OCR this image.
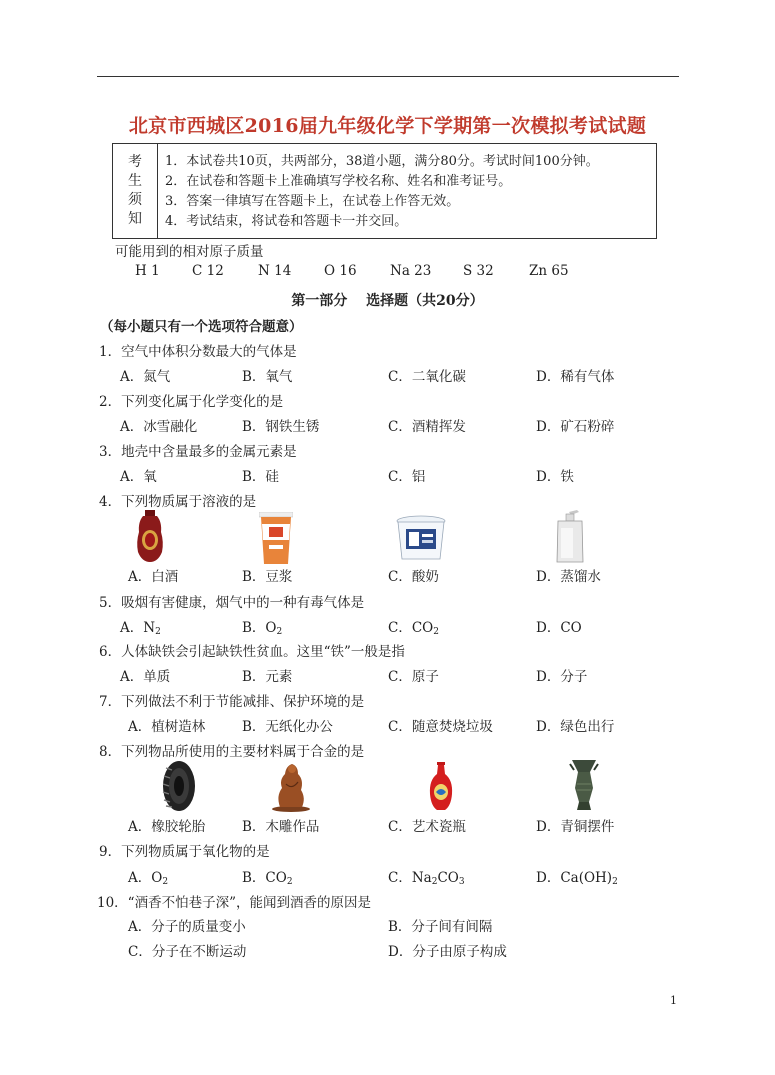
北京市西城区2016届九年级化学下学期第一次模拟考试试题
考生须知
1．本试卷共10页，共两部分，38道小题，满分80分。考试时间100分钟。
2．在试卷和答题卡上准确填写学校名称、姓名和准考证号。
3．答案一律填写在答题卡上，在试卷上作答无效。
4．考试结束，将试卷和答题卡一并交回。
可能用到的相对原子质量
H 1 C 12	N 14 O 16 Na 23 S 32	Zn 65
第一部分　 选择题（共20分）
（每小题只有一个选项符合题意）
1．空气中体积分数最大的气体是
A．氮气	B．氧气	C．二氧化碳	D．稀有气体
2．下列变化属于化学变化的是
A．冰雪融化	B．钢铁生锈	C．酒精挥发	D．矿石粉碎
3．地壳中含量最多的金属元素是
A．氧	B．硅	C．铝	D．铁
4．下列物质属于溶液的是
A．白酒	B．豆浆	C．酸奶	D．蒸馏水
5．吸烟有害健康，烟气中的一种有毒气体是
A．$N_2$	B．$O_2$	C．$CO_2$	D．CO
6．人体缺铁会引起缺铁性贫血。这里“铁”一般是指
A．单质	B．元素	C．原子	D．分子
7．下列做法不利于节能减排、保护环境的是
A．植树造林	B．无纸化办公	C．随意焚烧垃圾	D．绿色出行
8．下列物品所使用的主要材料属于合金的是
A．橡胶轮胎	B．木雕作品	C．艺术瓷瓶	D．青铜摆件
9．下列物质属于氧化物的是
A．$O_2$	B．$CO_2$	C．$Na_2CO_3$	D．$Ca(OH)_2$
10．“酒香不怕巷子深”，能闻到酒香的原因是
A．分子的质量变小	B．分子间有间隔
C．分子在不断运动	D．分子由原子构成
1
